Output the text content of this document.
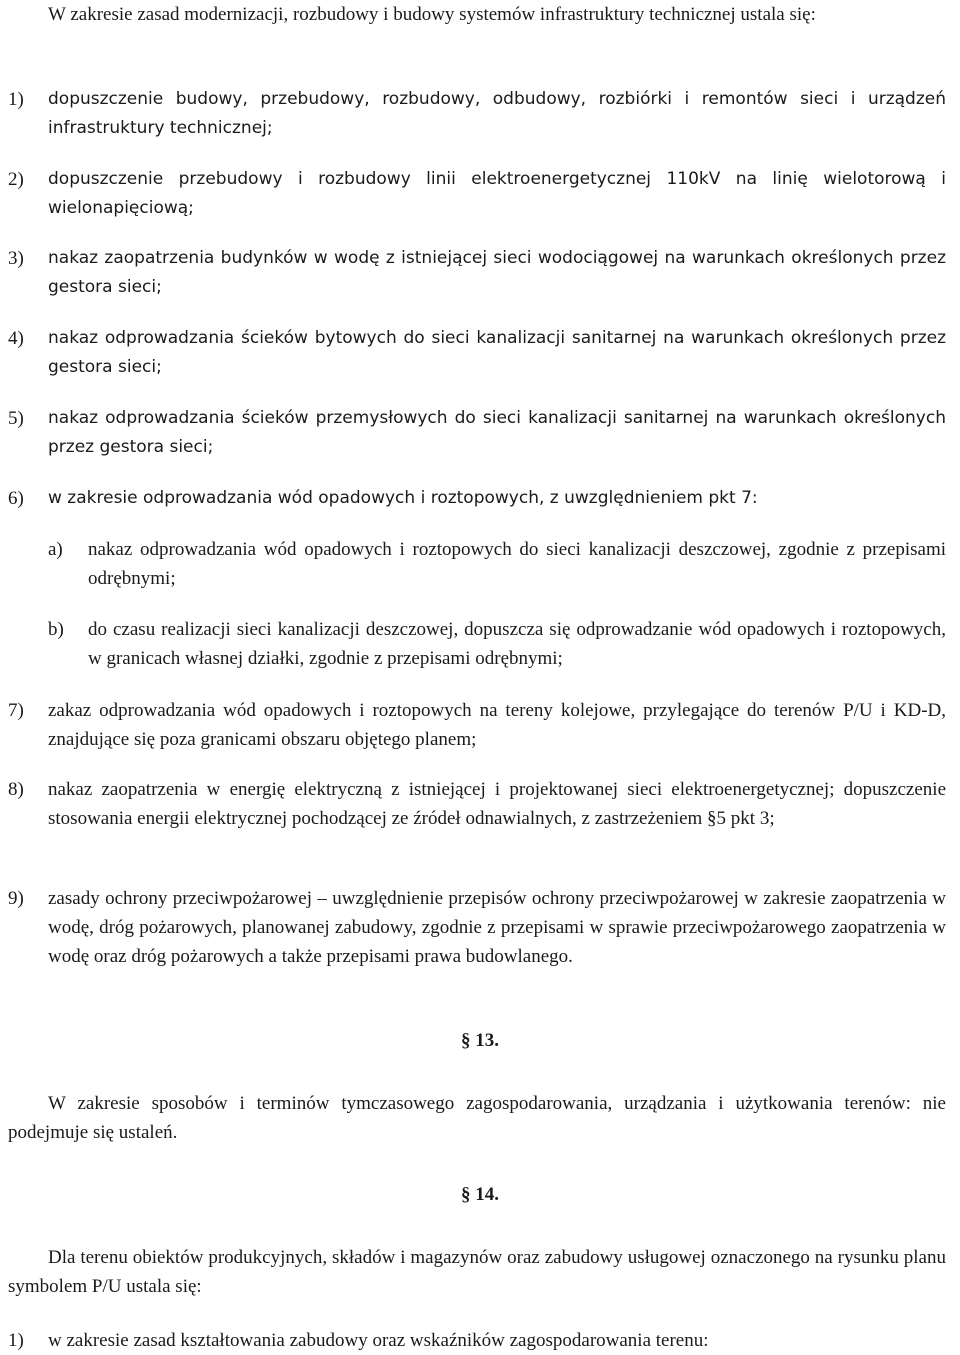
W zakresie zasad modernizacji, rozbudowy i budowy systemów infrastruktury technicznej ustala się:
1) dopuszczenie budowy, przebudowy, rozbudowy, odbudowy, rozbiórki i remontów sieci i urządzeń infrastruktury technicznej;
2) dopuszczenie przebudowy i rozbudowy linii elektroenergetycznej 110kV na linię wielotorową i wielonapięciową;
3) nakaz zaopatrzenia budynków w wodę z istniejącej sieci wodociągowej na warunkach określonych przez gestora sieci;
4) nakaz odprowadzania ścieków bytowych do sieci kanalizacji sanitarnej na warunkach określonych przez gestora sieci;
5) nakaz odprowadzania ścieków przemysłowych do sieci kanalizacji sanitarnej na warunkach określonych przez gestora sieci;
6) w zakresie odprowadzania wód opadowych i roztopowych, z uwzględnieniem pkt 7:
a) nakaz odprowadzania wód opadowych i roztopowych do sieci kanalizacji deszczowej, zgodnie z przepisami odrębnymi;
b) do czasu realizacji sieci kanalizacji deszczowej, dopuszcza się odprowadzanie wód opadowych i roztopowych, w granicach własnej działki, zgodnie z przepisami odrębnymi;
7) zakaz odprowadzania wód opadowych i roztopowych na tereny kolejowe, przylegające do terenów P/U i KD-D, znajdujące się poza granicami obszaru objętego planem;
8) nakaz zaopatrzenia w energię elektryczną z istniejącej i projektowanej sieci elektroenergetycznej; dopuszczenie stosowania energii elektrycznej pochodzącej ze źródeł odnawialnych, z zastrzeżeniem §5 pkt 3;
9) zasady ochrony przeciwpożarowej – uwzględnienie przepisów ochrony przeciwpożarowej w zakresie zaopatrzenia w wodę, dróg pożarowych, planowanej zabudowy, zgodnie z przepisami w sprawie przeciwpożarowego zaopatrzenia w wodę oraz dróg pożarowych a także przepisami prawa budowlanego.
§ 13.
W zakresie sposobów i terminów tymczasowego zagospodarowania, urządzania i użytkowania terenów: nie podejmuje się ustaleń.
§ 14.
Dla terenu obiektów produkcyjnych, składów i magazynów oraz zabudowy usługowej oznaczonego na rysunku planu symbolem P/U ustala się:
1) w zakresie zasad kształtowania zabudowy oraz wskaźników zagospodarowania terenu:
